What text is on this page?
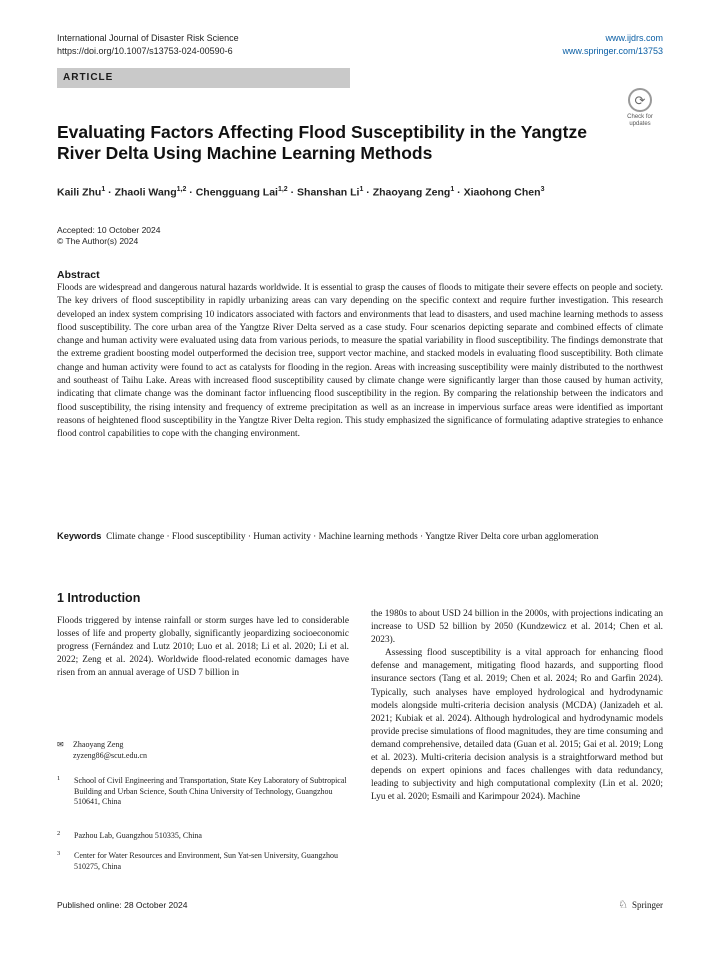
International Journal of Disaster Risk Science
https://doi.org/10.1007/s13753-024-00590-6
www.ijdrs.com
www.springer.com/13753
ARTICLE
⟳
Check for
updates
Evaluating Factors Affecting Flood Susceptibility in the Yangtze River Delta Using Machine Learning Methods
Kaili Zhu$^1$ · Zhaoli Wang$^{1,2}$ · Chengguang Lai$^{1,2}$ · Shanshan $Li^1$ · Zhaoyang Zeng$^1$ · Xiaohong Chen$^3$
Accepted: 10 October 2024
© The Author(s) 2024
Abstract
Floods are widespread and dangerous natural hazards worldwide. It is essential to grasp the causes of floods to mitigate their severe effects on people and society. The key drivers of flood susceptibility in rapidly urbanizing areas can vary depending on the specific context and require further investigation. This research developed an index system comprising 10 indicators associated with factors and environments that lead to disasters, and used machine learning methods to assess flood susceptibility. The core urban area of the Yangtze River Delta served as a case study. Four scenarios depicting separate and combined effects of climate change and human activity were evaluated using data from various periods, to measure the spatial variability in flood susceptibility. The findings demonstrate that the extreme gradient boosting model outperformed the decision tree, support vector machine, and stacked models in evaluating flood susceptibility. Both climate change and human activity were found to act as catalysts for flooding in the region. Areas with increasing susceptibility were mainly distributed to the northwest and southeast of Taihu Lake. Areas with increased flood susceptibility caused by climate change were significantly larger than those caused by human activity, indicating that climate change was the dominant factor influencing flood susceptibility in the region. By comparing the relationship between the indicators and flood susceptibility, the rising intensity and frequency of extreme precipitation as well as an increase in impervious surface areas were identified as important reasons of heightened flood susceptibility in the Yangtze River Delta region. This study emphasized the significance of formulating adaptive strategies to enhance flood control capabilities to cope with the changing environment.
Keywords Climate change · Flood susceptibility · Human activity · Machine learning methods · Yangtze River Delta core urban agglomeration
1 Introduction

Floods triggered by intense rainfall or storm surges have led to considerable losses of life and property globally, significantly jeopardizing socioeconomic progress (Fernández and Lutz 2010; Luo et al. 2018; Li et al. 2020; Li et al. 2022; Zeng et al. 2024). Worldwide flood-related economic damages have risen from an annual average of USD 7 billion in

the 1980s to about USD 24 billion in the 2000s, with projections indicating an increase to USD 52 billion by 2050 (Kundzewicz et al. 2014; Chen et al. 2023).

Assessing flood susceptibility is a vital approach for enhancing flood defense and management, mitigating flood hazards, and supporting flood insurance sectors (Tang et al. 2019; Chen et al. 2024; Ro and Garfin 2024). Typically, such analyses have employed hydrological and hydrodynamic models alongside multi-criteria decision analysis (MCDA) (Janizadeh et al. 2021; Kubiak et al. 2024). Although hydrological and hydrodynamic models provide precise simulations of flood magnitudes, they are time consuming and demand comprehensive, detailed data (Guan et al. 2015; Gai et al. 2019; Long et al. 2023). Multi-criteria decision analysis is a straightforward method but depends on expert opinions and faces challenges with data redundancy, leading to subjectivity and high computational complexity (Lin et al. 2020; Lyu et al. 2020; Esmaili and Karimpour 2024). Machine

✉ Zhaoyang Zeng
zyzeng86@scut.edu.cn
1 School of Civil Engineering and Transportation, State Key Laboratory of Subtropical Building and Urban Science, South China University of Technology, Guangzhou 510641, China
2 Pazhou Lab, Guangzhou 510335, China
3 Center for Water Resources and Environment, Sun Yat-sen University, Guangzhou 510275, China
Published online: 28 October 2024	♘ Springer
